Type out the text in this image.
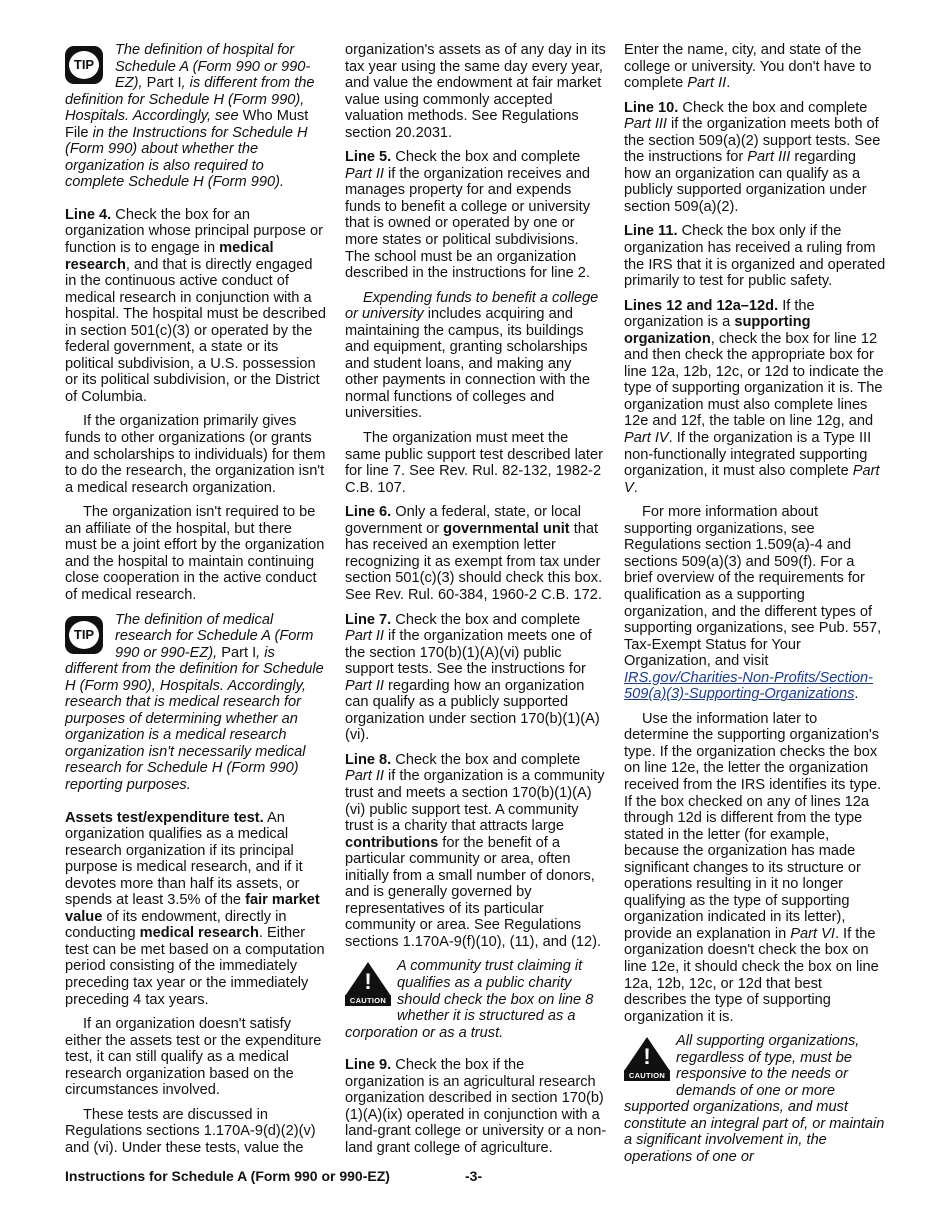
TIP
The definition of hospital for Schedule A (Form 990 or 990-EZ), Part I, is different from the definition for Schedule H (Form 990), Hospitals. Accordingly, see Who Must File in the Instructions for Schedule H (Form 990) about whether the organization is also required to complete Schedule H (Form 990).

Line 4. Check the box for an organization whose principal purpose or function is to engage in medical research, and that is directly engaged in the continuous active conduct of medical research in conjunction with a hospital. The hospital must be described in section 501(c)(3) or operated by the federal government, a state or its political subdivision, a U.S. possession or its political subdivision, or the District of Columbia.

If the organization primarily gives funds to other organizations (or grants and scholarships to individuals) for them to do the research, the organization isn't a medical research organization.

The organization isn't required to be an affiliate of the hospital, but there must be a joint effort by the organization and the hospital to maintain continuing close cooperation in the active conduct of medical research.

TIP
The definition of medical research for Schedule A (Form 990 or 990-EZ), Part I, is different from the definition for Schedule H (Form 990), Hospitals. Accordingly, research that is medical research for purposes of determining whether an organization is a medical research organization isn't necessarily medical research for Schedule H (Form 990) reporting purposes.

Assets test/expenditure test. An organization qualifies as a medical research organization if its principal purpose is medical research, and if it devotes more than half its assets, or spends at least 3.5% of the fair market value of its endowment, directly in conducting medical research. Either test can be met based on a computation period consisting of the immediately preceding tax year or the immediately preceding 4 tax years.

If an organization doesn't satisfy either the assets test or the expenditure test, it can still qualify as a medical research organization based on the circumstances involved.

These tests are discussed in Regulations sections 1.170A-9(d)(2)(v) and (vi). Under these tests, value the

organization's assets as of any day in its tax year using the same day every year, and value the endowment at fair market value using commonly accepted valuation methods. See Regulations section 20.2031.

Line 5. Check the box and complete Part II if the organization receives and manages property for and expends funds to benefit a college or university that is owned or operated by one or more states or political subdivisions. The school must be an organization described in the instructions for line 2.

Expending funds to benefit a college or university includes acquiring and maintaining the campus, its buildings and equipment, granting scholarships and student loans, and making any other payments in connection with the normal functions of colleges and universities.

The organization must meet the same public support test described later for line 7. See Rev. Rul. 82-132, 1982-2 C.B. 107.

Line 6. Only a federal, state, or local government or governmental unit that has received an exemption letter recognizing it as exempt from tax under section 501(c)(3) should check this box. See Rev. Rul. 60-384, 1960-2 C.B. 172.

Line 7. Check the box and complete Part II if the organization meets one of the section 170(b)(1)(A)(vi) public support tests. See the instructions for Part II regarding how an organization can qualify as a publicly supported organization under section 170(b)(1)(A)(vi).

Line 8. Check the box and complete Part II if the organization is a community trust and meets a section 170(b)(1)(A)(vi) public support test. A community trust is a charity that attracts large contributions for the benefit of a particular community or area, often initially from a small number of donors, and is generally governed by representatives of its particular community or area. See Regulations sections 1.170A-9(f)(10), (11), and (12).

!
CAUTION
A community trust claiming it qualifies as a public charity should check the box on line 8 whether it is structured as a corporation or as a trust.

Line 9. Check the box if the organization is an agricultural research organization described in section 170(b)(1)(A)(ix) operated in conjunction with a land-grant college or university or a non-land grant college of agriculture.

Enter the name, city, and state of the college or university. You don't have to complete Part II.

Line 10. Check the box and complete Part III if the organization meets both of the section 509(a)(2) support tests. See the instructions for Part III regarding how an organization can qualify as a publicly supported organization under section 509(a)(2).

Line 11. Check the box only if the organization has received a ruling from the IRS that it is organized and operated primarily to test for public safety.

Lines 12 and 12a–12d. If the organization is a supporting organization, check the box for line 12 and then check the appropriate box for line 12a, 12b, 12c, or 12d to indicate the type of supporting organization it is. The organization must also complete lines 12e and 12f, the table on line 12g, and Part IV. If the organization is a Type III non-functionally integrated supporting organization, it must also complete Part V.

For more information about supporting organizations, see Regulations section 1.509(a)-4 and sections 509(a)(3) and 509(f). For a brief overview of the requirements for qualification as a supporting organization, and the different types of supporting organizations, see Pub. 557, Tax-Exempt Status for Your Organization, and visit IRS.gov/Charities-Non-Profits/Section-509(a)(3)-Supporting-Organizations.

Use the information later to determine the supporting organization's type. If the organization checks the box on line 12e, the letter the organization received from the IRS identifies its type. If the box checked on any of lines 12a through 12d is different from the type stated in the letter (for example, because the organization has made significant changes to its structure or operations resulting in it no longer qualifying as the type of supporting organization indicated in its letter), provide an explanation in Part VI. If the organization doesn't check the box on line 12e, it should check the box on line 12a, 12b, 12c, or 12d that best describes the type of supporting organization it is.

!
CAUTION
All supporting organizations, regardless of type, must be responsive to the needs or demands of one or more supported organizations, and must constitute an integral part of, or maintain a significant involvement in, the operations of one or
Instructions for Schedule A (Form 990 or 990-EZ)	-3-
